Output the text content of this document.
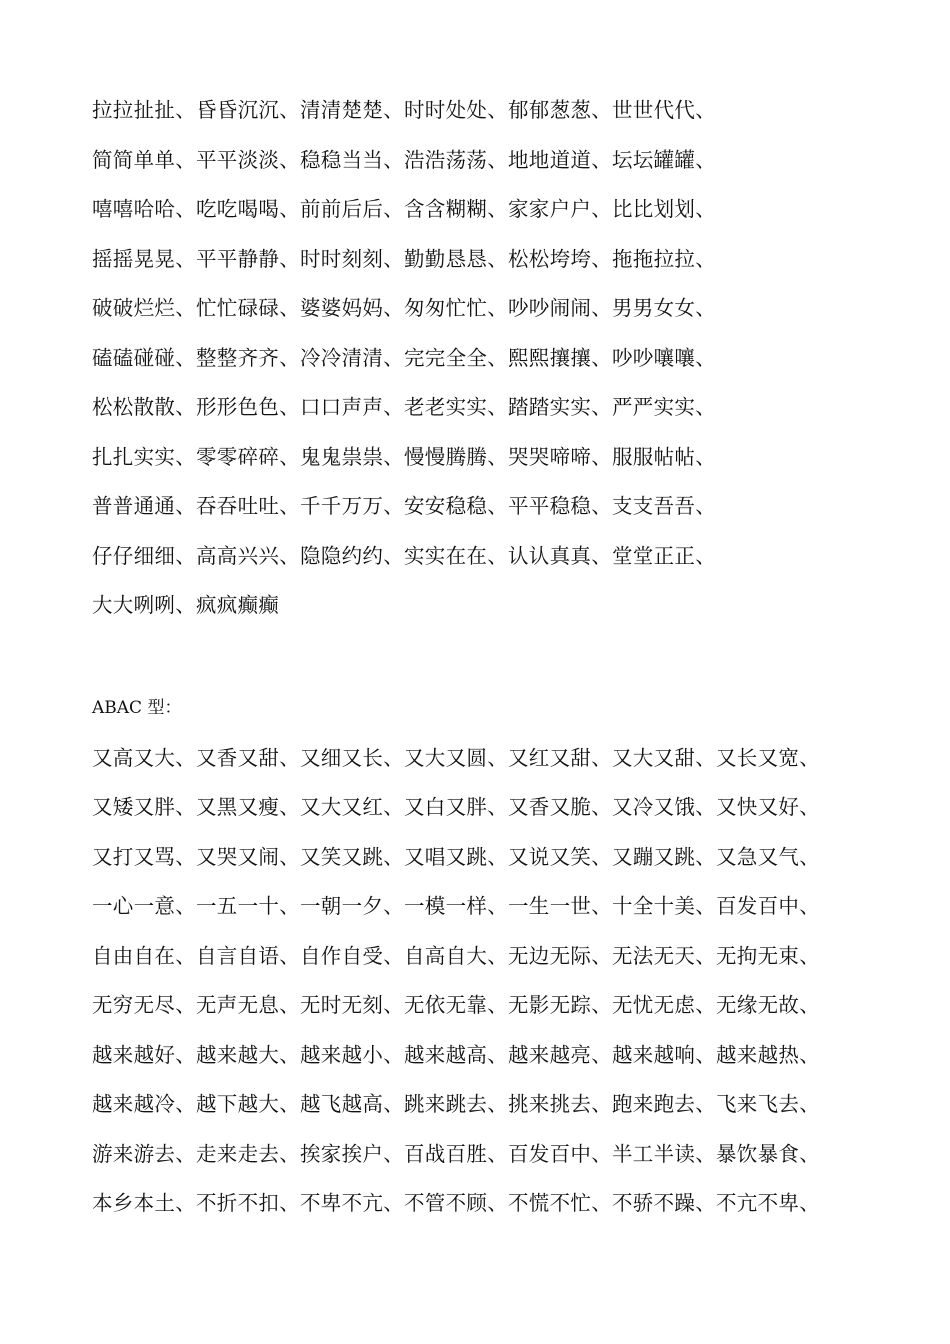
拉拉扯扯、昏昏沉沉、清清楚楚、时时处处、郁郁葱葱、世世代代、
简简单单、平平淡淡、稳稳当当、浩浩荡荡、地地道道、坛坛罐罐、
嘻嘻哈哈、吃吃喝喝、前前后后、含含糊糊、家家户户、比比划划、
摇摇晃晃、平平静静、时时刻刻、勤勤恳恳、松松垮垮、拖拖拉拉、
破破烂烂、忙忙碌碌、婆婆妈妈、匆匆忙忙、吵吵闹闹、男男女女、
磕磕碰碰、整整齐齐、冷冷清清、完完全全、熙熙攘攘、吵吵嚷嚷、
松松散散、形形色色、口口声声、老老实实、踏踏实实、严严实实、
扎扎实实、零零碎碎、鬼鬼祟祟、慢慢腾腾、哭哭啼啼、服服帖帖、
普普通通、吞吞吐吐、千千万万、安安稳稳、平平稳稳、支支吾吾、
仔仔细细、高高兴兴、隐隐约约、实实在在、认认真真、堂堂正正、
大大咧咧、疯疯癫癫
ABAC 型：
又高又大、又香又甜、又细又长、又大又圆、又红又甜、又大又甜、又长又宽、
又矮又胖、又黑又瘦、又大又红、又白又胖、又香又脆、又冷又饿、又快又好、
又打又骂、又哭又闹、又笑又跳、又唱又跳、又说又笑、又蹦又跳、又急又气、
一心一意、一五一十、一朝一夕、一模一样、一生一世、十全十美、百发百中、
自由自在、自言自语、自作自受、自高自大、无边无际、无法无天、无拘无束、
无穷无尽、无声无息、无时无刻、无依无靠、无影无踪、无忧无虑、无缘无故、
越来越好、越来越大、越来越小、越来越高、越来越亮、越来越响、越来越热、
越来越冷、越下越大、越飞越高、跳来跳去、挑来挑去、跑来跑去、飞来飞去、
游来游去、走来走去、挨家挨户、百战百胜、百发百中、半工半读、暴饮暴食、
本乡本土、不折不扣、不卑不亢、不管不顾、不慌不忙、不骄不躁、不亢不卑、
